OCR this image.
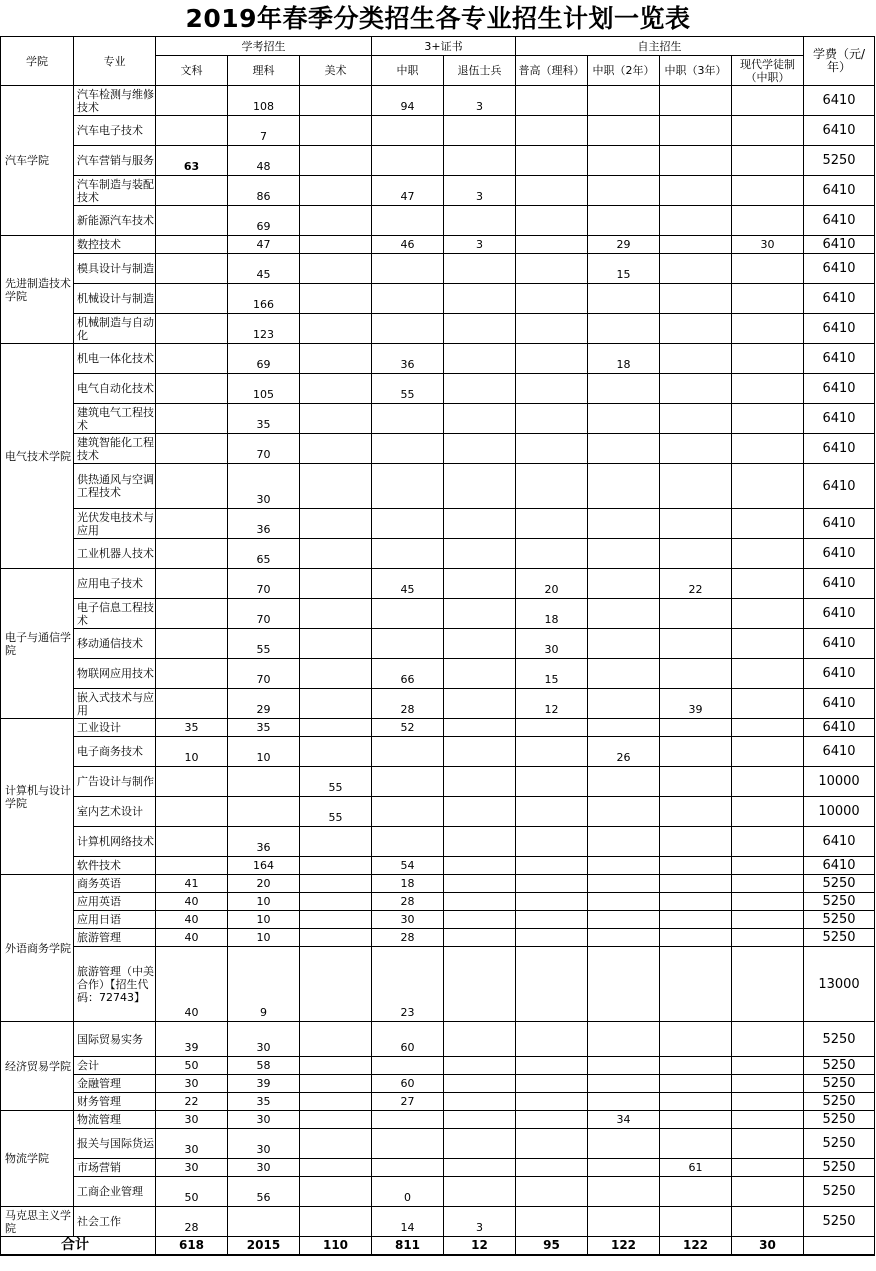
2019年春季分类招生各专业招生计划一览表
学院	专业	学考招生			3+证书		自主招生				学费（元/年）
		文科	理科	美术	中职	退伍士兵	普高（理科）	中职（2年）	中职（3年）	现代学徒制（中职）	
汽车学院	汽车检测与维修技术		108		94	3					6410
	汽车电子技术		7								6410
	汽车营销与服务	63	48								5250
	汽车制造与装配技术		86		47	3					6410
	新能源汽车技术		69								6410
先进制造技术学院	数控技术		47		46	3		29		30	6410
	模具设计与制造		45					15			6410
	机械设计与制造		166								6410
	机械制造与自动化		123								6410
电气技术学院	机电一体化技术		69		36			18			6410
	电气自动化技术		105		55						6410
	建筑电气工程技术		35								6410
	建筑智能化工程技术		70								6410
	供热通风与空调工程技术		30								6410
	光伏发电技术与应用		36								6410
	工业机器人技术		65								6410
电子与通信学院	应用电子技术		70		45		20		22		6410
	电子信息工程技术		70				18				6410
	移动通信技术		55				30				6410
	物联网应用技术		70		66		15				6410
	嵌入式技术与应用		29		28		12		39		6410
计算机与设计学院	工业设计	35	35		52						6410
	电子商务技术	10	10					26			6410
	广告设计与制作			55							10000
	室内艺术设计			55							10000
	计算机网络技术		36								6410
	软件技术		164		54						6410
外语商务学院	商务英语	41	20		18						5250
	应用英语	40	10		28						5250
	应用日语	40	10		30						5250
	旅游管理	40	10		28						5250
	旅游管理（中美合作）【招生代码：72743】	40	9		23						13000
经济贸易学院	国际贸易实务	39	30		60						5250
	会计	50	58								5250
	金融管理	30	39		60						5250
	财务管理	22	35		27						5250
物流学院	物流管理	30	30					34			5250
	报关与国际货运	30	30								5250
	市场营销	30	30						61		5250
	工商企业管理	50	56		0						5250
马克思主义学院	社会工作	28			14	3					5250
合计		618	2015	110	811	12	95	122	122	30	
